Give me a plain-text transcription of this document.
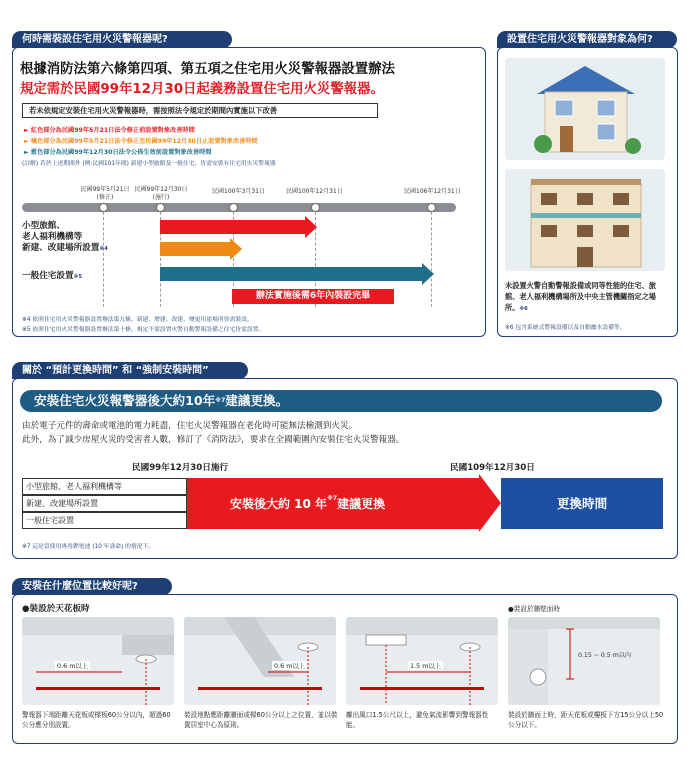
何時需裝設住宅用火災警報器呢?
根據消防法第六條第四項、第五項之住宅用火災警報器設置辦法
規定需於民國99年12月30日起義務設置住宅用火災警報器。
若未依規定安裝住宅用火災警報器時，需按照法令規定於期間內實施以下改善
► 紅色部分為民國99年5月21日法令修正前設置對象改善時間
► 橘色部分為民國99年5月21日法令修正至民國99年12月30日止設置對象改善時間
► 藍色部分為民國99年12月30日法令公佈生效前設置對象改善時間
(註解) 若於上述期間外 (例:民國101年間) 新建小型旅館及一般住宅，皆需安裝有住宅用火災警報器
民國99年5月21日
(修正)
民國99年12月30日
(施行)
民國100年3月31日	民國100年12月31日	民國106年12月31日
小型旅館、
老人福利機構等
新建、改建場所設置※4
一般住宅設置※5
辦法實施後需6年內裝設完畢
※4 依照住宅用火災警報器設置辦法第九條，新建、增建、改建、變更用途場所皆需裝設。
※5 依照住宅用火災警報器設置辦法第十條，規定不需設置火警自動警報設備之住宅皆需設置。
設置住宅用火災警報器對象為何?
未設置火警自動警報設備或同等性能的住宅、旅館、老人福利機構場所及中央主管機關指定之場所。※6
※6 包含系統式警報設備以及自動灑水設備等。
關於 “預計更換時間” 和 “強制安裝時間”
安裝住宅火災報警器後大約10年$^{※7}$建議更換。
由於電子元件的壽命或電池的電力耗盡，住宅火災警報器在老化時可能無法檢測到火災。
此外，為了減少房屋火災的受害者人數，修訂了《消防法》，要求在全國範圍內安裝住宅火災警報器。
民國99年12月30日施行	民國109年12月30日
小型旅館、老人福利機構等
新建、改建場所設置
一般住宅設置
安裝後大約 10 年$^{※7}$建議更換	更換時間
※7 這是當使用專用鋰電池 (10 年壽命) 的情況下。
安裝在什麼位置比較好呢?
●裝設於天花板時	●裝設於牆壁面時
0.6 m以上	0.6 m以上	1.5 m以上
0.15 ~ 0.5 m以內
警報器下端距離天花板或樑板60公分以內，超過60公分應分別設置。
裝設地點應距離牆面或樑60公分以上之位置，並以裝置居室中心為原則。
離出風口1.5公尺以上，避免氣流影響到警報器性能。
裝設於牆面上時，距天花板或樓板下方15公分以上50公分以下。
